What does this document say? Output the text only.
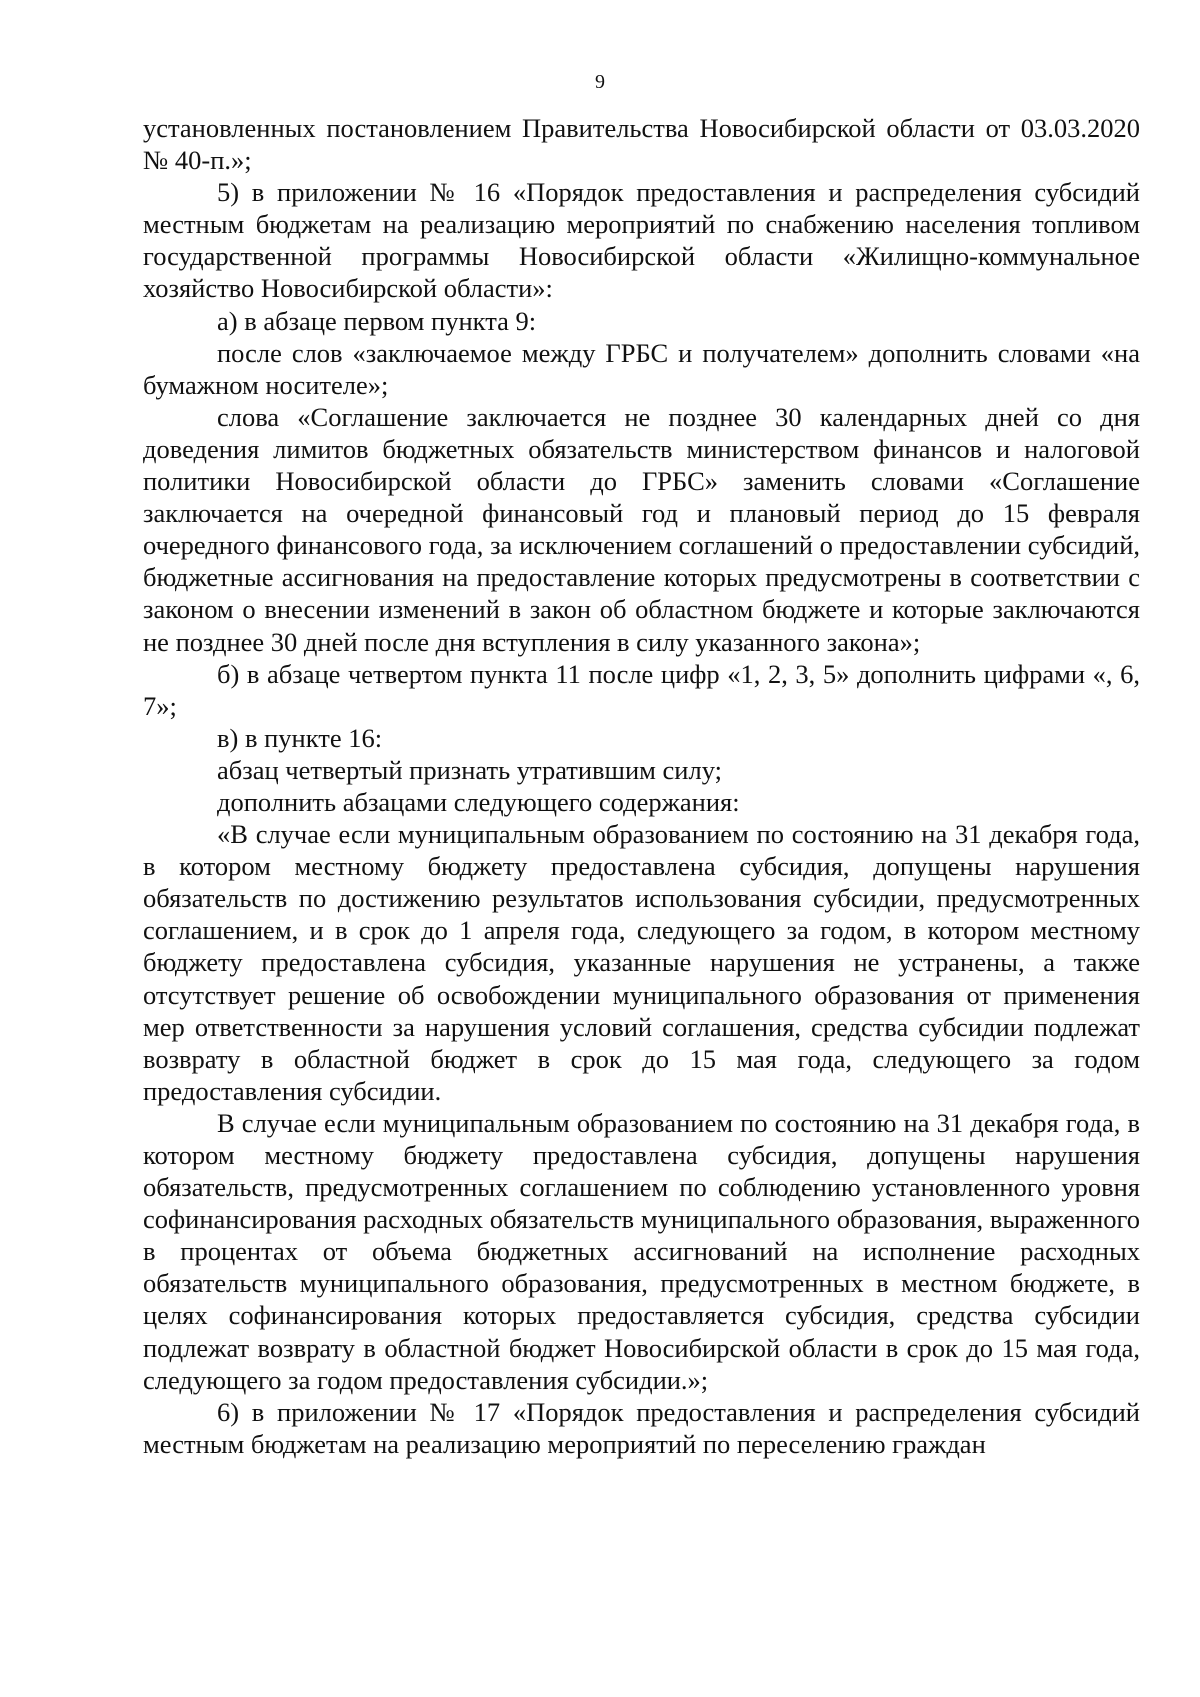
9

установленных постановлением Правительства Новосибирской области от 03.03.2020 № 40-п.»;

5) в приложении № 16 «Порядок предоставления и распределения субсидий местным бюджетам на реализацию мероприятий по снабжению населения топливом государственной программы Новосибирской области «Жилищно-коммунальное хозяйство Новосибирской области»:

а) в абзаце первом пункта 9:

после слов «заключаемое между ГРБС и получателем» дополнить словами «на бумажном носителе»;

слова «Соглашение заключается не позднее 30 календарных дней со дня доведения лимитов бюджетных обязательств министерством финансов и налоговой политики Новосибирской области до ГРБС» заменить словами «Соглашение заключается на очередной финансовый год и плановый период до 15 февраля очередного финансового года, за исключением соглашений о предоставлении субсидий, бюджетные ассигнования на предоставление которых предусмотрены в соответствии с законом о внесении изменений в закон об областном бюджете и которые заключаются не позднее 30 дней после дня вступления в силу указанного закона»;

б) в абзаце четвертом пункта 11 после цифр «1, 2, 3, 5» дополнить цифрами «, 6, 7»;

в) в пункте 16:

абзац четвертый признать утратившим силу;

дополнить абзацами следующего содержания:

«В случае если муниципальным образованием по состоянию на 31 декабря года, в котором местному бюджету предоставлена субсидия, допущены нарушения обязательств по достижению результатов использования субсидии, предусмотренных соглашением, и в срок до 1 апреля года, следующего за годом, в котором местному бюджету предоставлена субсидия, указанные нарушения не устранены, а также отсутствует решение об освобождении муниципального образования от применения мер ответственности за нарушения условий соглашения, средства субсидии подлежат возврату в областной бюджет в срок до 15 мая года, следующего за годом предоставления субсидии.

В случае если муниципальным образованием по состоянию на 31 декабря года, в котором местному бюджету предоставлена субсидия, допущены нарушения обязательств, предусмотренных соглашением по соблюдению установленного уровня софинансирования расходных обязательств муниципального образования, выраженного в процентах от объема бюджетных ассигнований на исполнение расходных обязательств муниципального образования, предусмотренных в местном бюджете, в целях софинансирования которых предоставляется субсидия, средства субсидии подлежат возврату в областной бюджет Новосибирской области в срок до 15 мая года, следующего за годом предоставления субсидии.»;

6) в приложении № 17 «Порядок предоставления и распределения субсидий местным бюджетам на реализацию мероприятий по переселению граждан
